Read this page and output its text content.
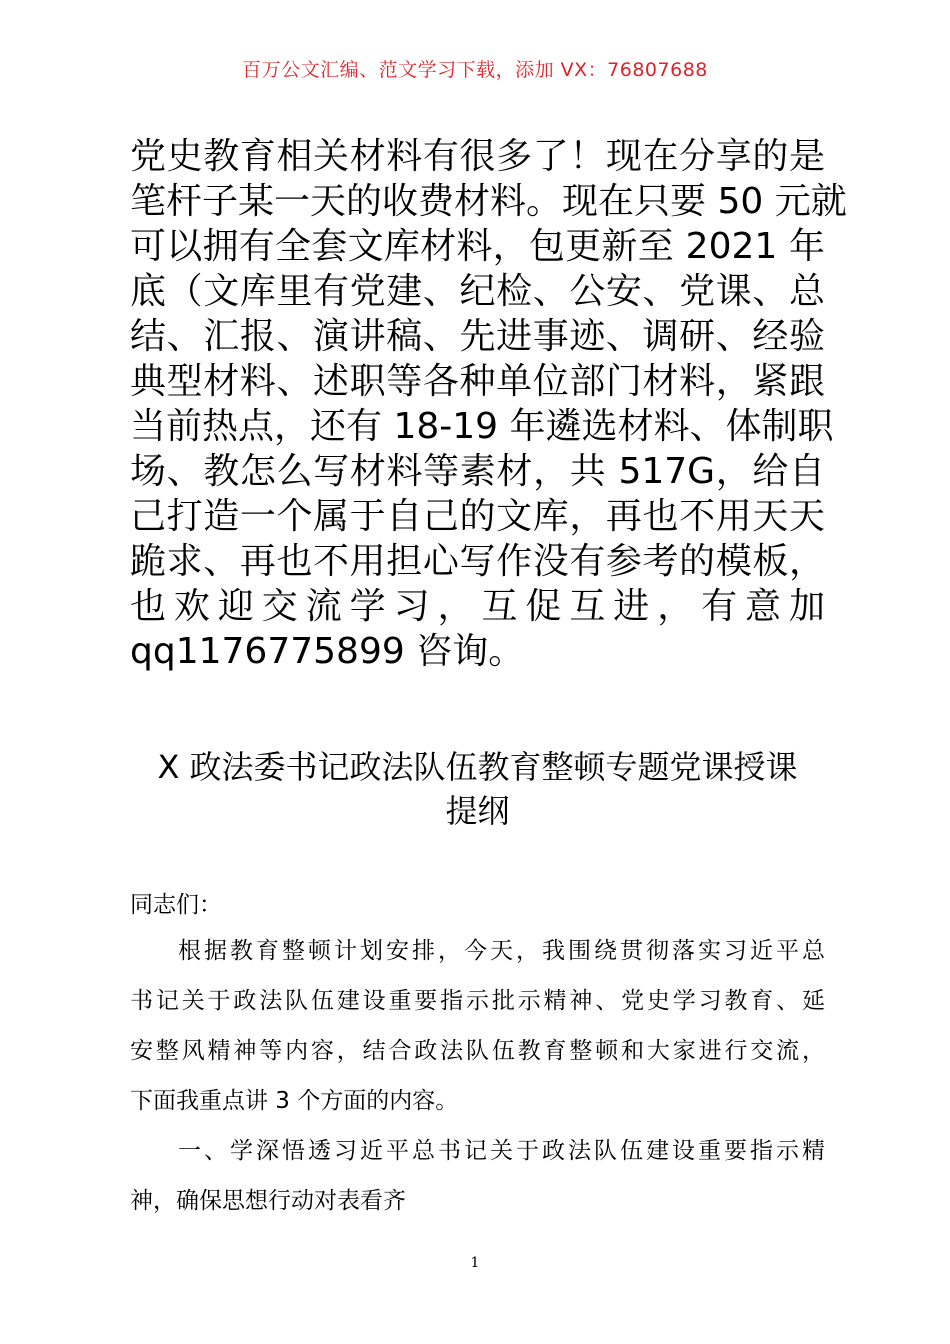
百万公文汇编、范文学习下载，添加 VX：76807688
党史教育相关材料有很多了！现在分享的是
笔杆子某一天的收费材料。现在只要 50 元就
可以拥有全套文库材料，包更新至 2021 年
底（文库里有党建、纪检、公安、党课、总
结、汇报、演讲稿、先进事迹、调研、经验
典型材料、述职等各种单位部门材料，紧跟
当前热点，还有 18-19 年遴选材料、体制职
场、教怎么写材料等素材，共 517G，给自
己打造一个属于自己的文库，再也不用天天
跪求、再也不用担心写作没有参考的模板，
也欢迎交流学习，互促互进，有意加
qq1176775899 咨询。
X 政法委书记政法队伍教育整顿专题党课授课
提纲
同志们：
根据教育整顿计划安排，今天，我围绕贯彻落实习近平总
书记关于政法队伍建设重要指示批示精神、党史学习教育、延
安整风精神等内容，结合政法队伍教育整顿和大家进行交流，
下面我重点讲 3 个方面的内容。
一、学深悟透习近平总书记关于政法队伍建设重要指示精
神，确保思想行动对表看齐
1
